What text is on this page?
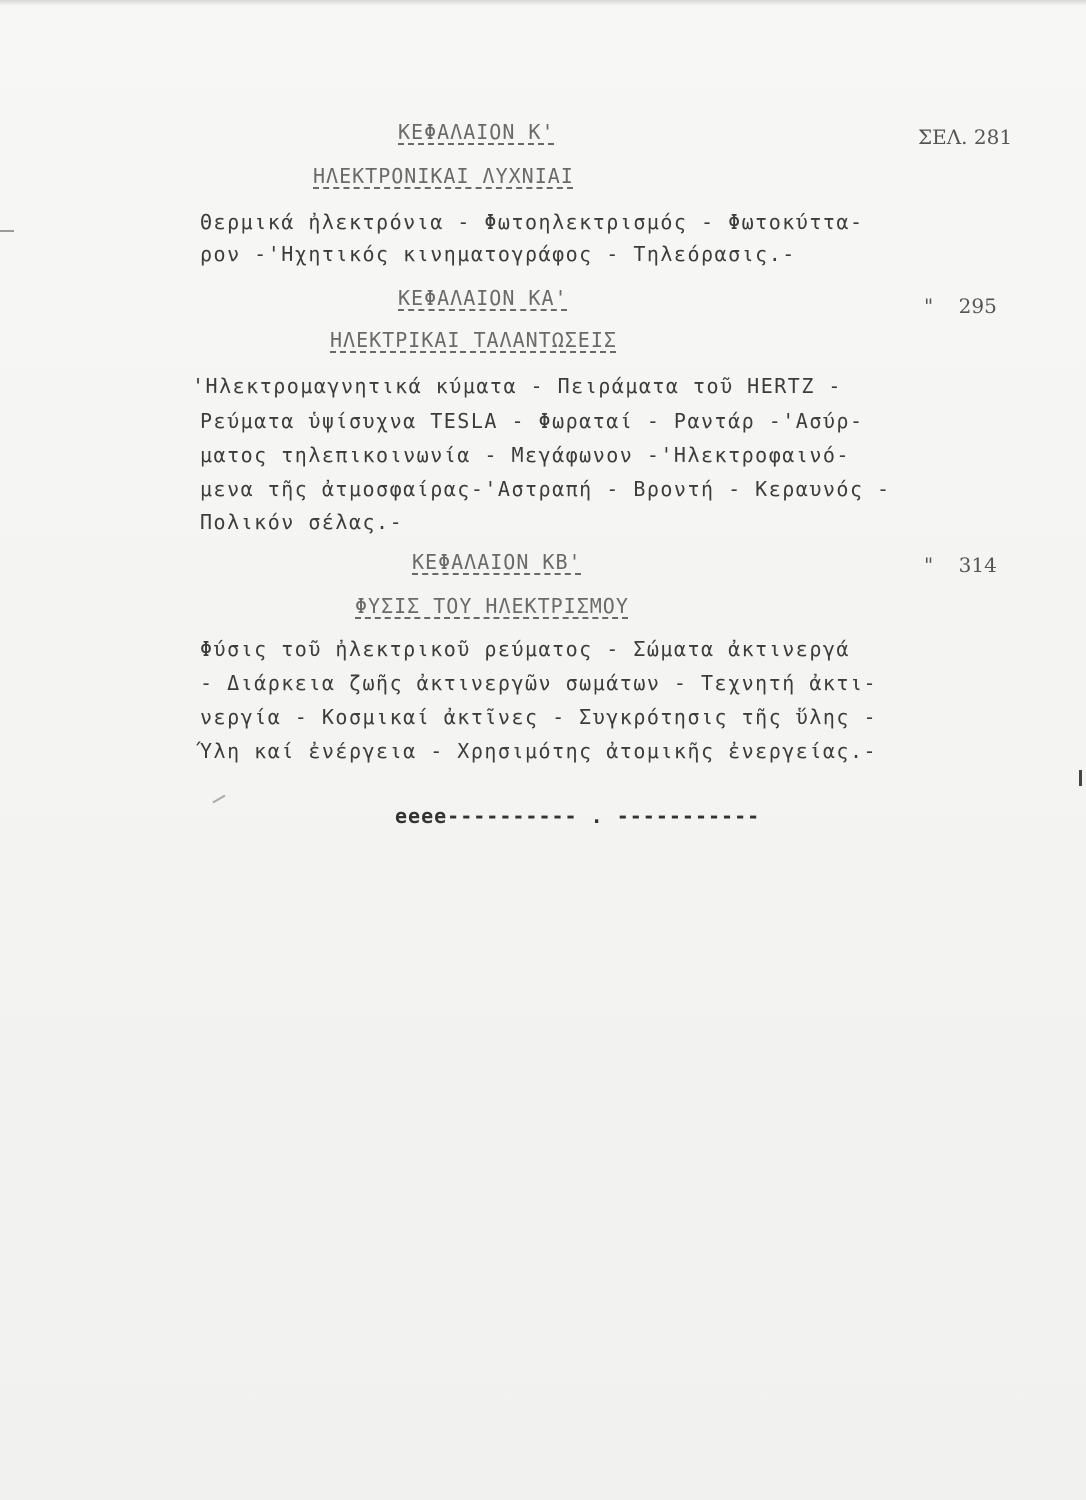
ΚΕΦΑΛΑΙΟΝ Κ'	ΣΕΛ. 281
ΗΛΕΚΤΡΟΝΙΚΑΙ ΛΥΧΝΙΑΙ
Θερμικά ἠλεκτρόνια - Φωτοηλεκτρισμός - Φωτοκύττα-
ρον -'Ηχητικός κινηματογράφος - Τηλεόρασις.-
ΚΕΦΑΛΑΙΟΝ ΚΑ'	"    295
ΗΛΕΚΤΡΙΚΑΙ ΤΑΛΑΝΤΩΣΕΙΣ
'Ηλεκτρομαγνητικά κύματα - Πειράματα τοῦ HERTZ -
Ρεύματα ὑψίσυχνα TESLA - Φωραταί - Ραντάρ -'Ασύρ-
ματος τηλεπικοινωνία - Μεγάφωνον -'Ηλεκτροφαινό-
μενα τῆς ἀτμοσφαίρας-'Αστραπή - Βροντή - Κεραυνός -
Πολικόν σέλας.-
ΚΕΦΑΛΑΙΟΝ ΚΒ'	"    314
ΦΥΣΙΣ ΤΟΥ ΗΛΕΚΤΡΙΣΜΟΥ
Φύσις τοῦ ἠλεκτρικοῦ ρεύματος - Σώματα ἀκτινεργά
- Διάρκεια ζωῆς ἀκτινεργῶν σωμάτων - Τεχνητή ἀκτι-
νεργία - Κοσμικαί ἀκτῖνες - Συγκρότησις τῆς ὕλης -
Ύλη καί ἐνέργεια - Χρησιμότης ἀτομικῆς ἐνεργείας.-
eeee---------- . -----------
